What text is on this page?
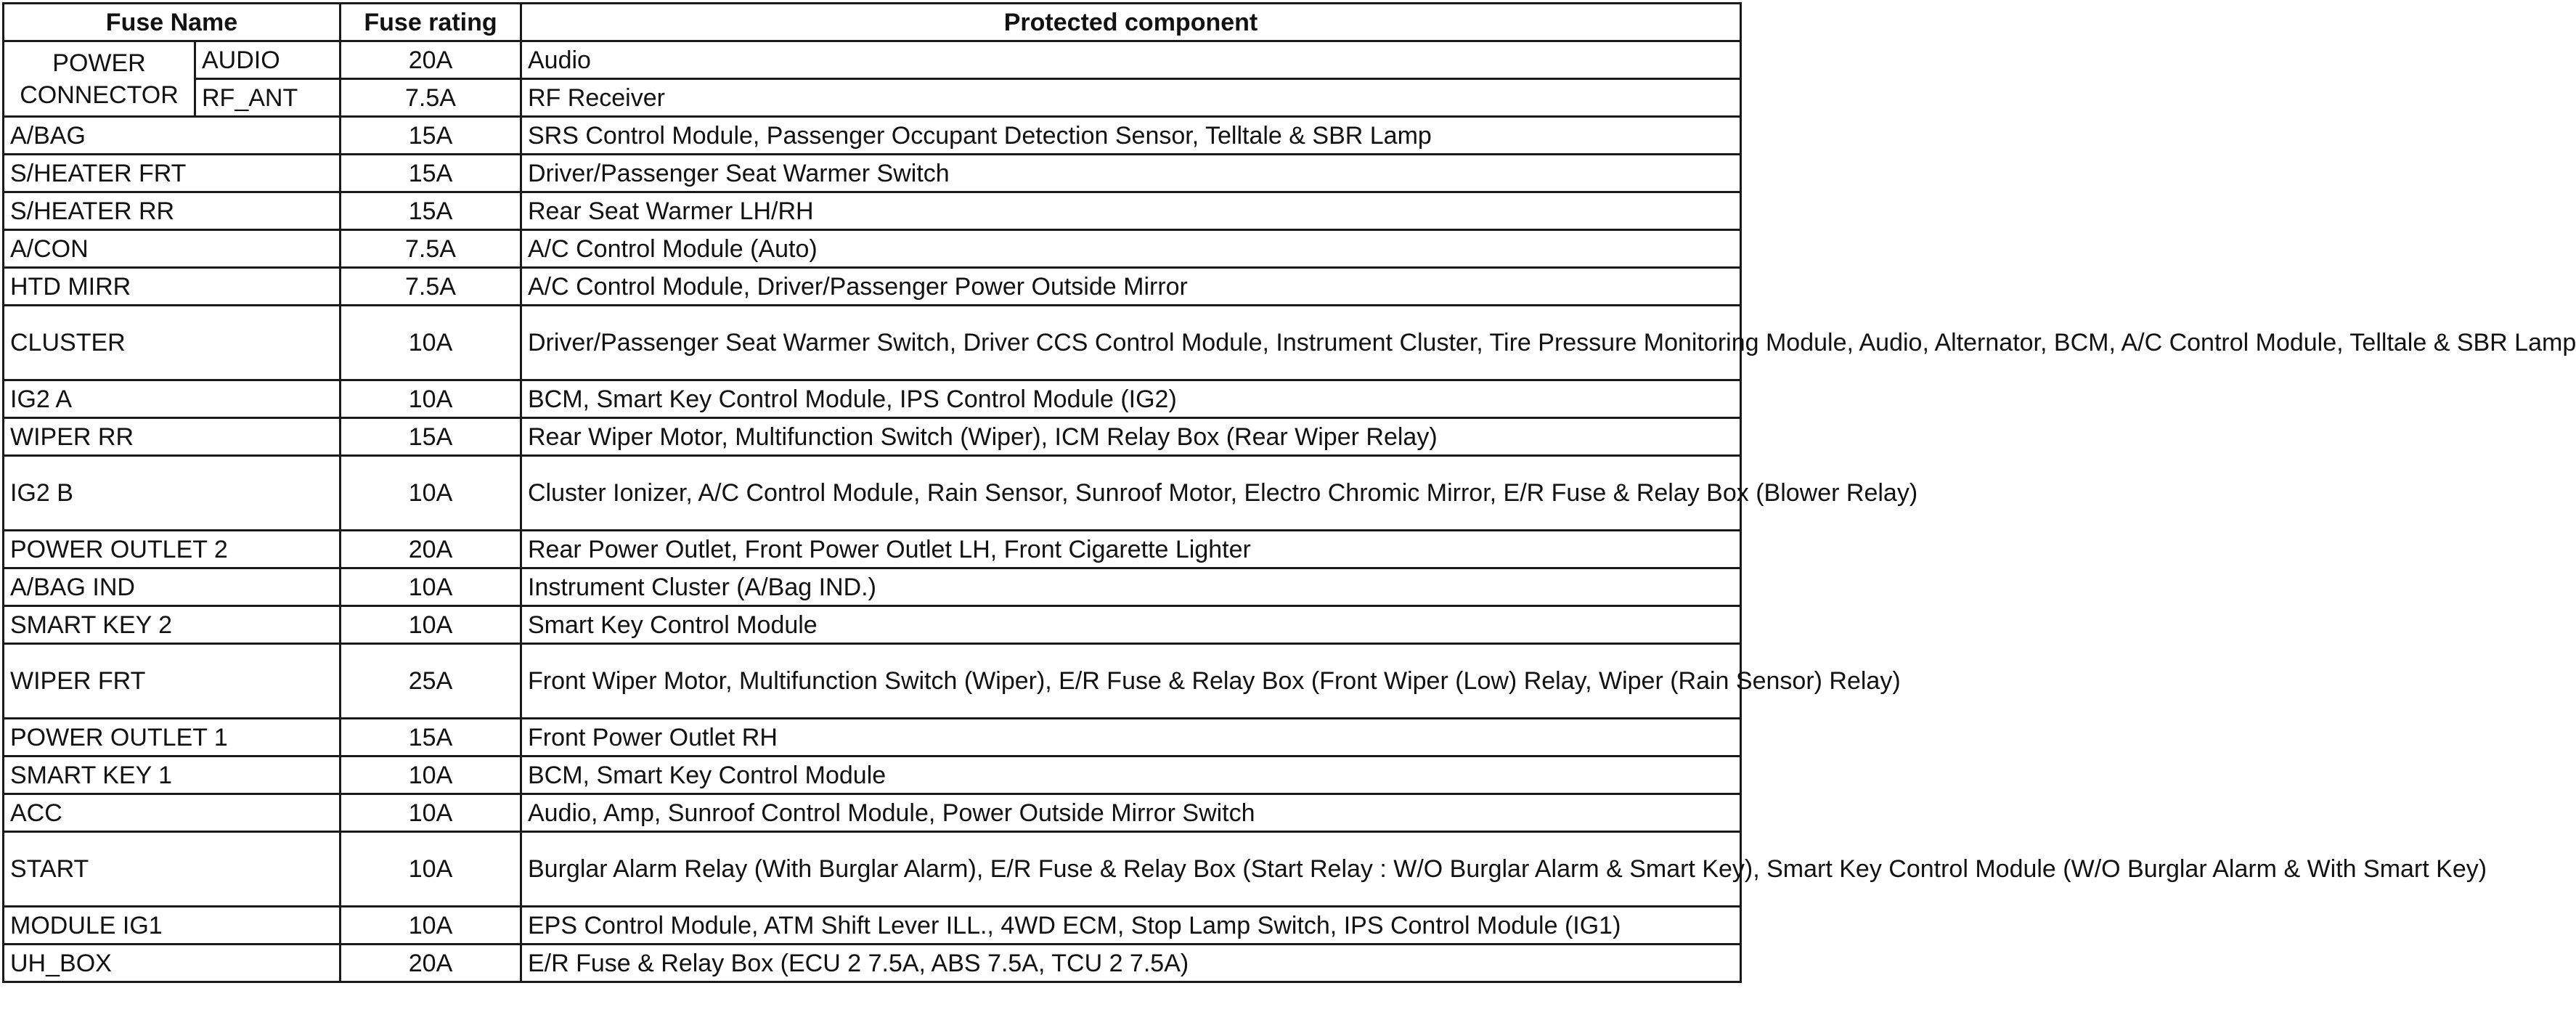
Fuse Name		Fuse rating	Protected component

POWER
CONNECTOR	AUDIO	20A	Audio
	RF_ANT	7.5A	RF Receiver
A/BAG		15A	SRS Control Module, Passenger Occupant Detection Sensor, Telltale & SBR Lamp
S/HEATER FRT		15A	Driver/Passenger Seat Warmer Switch
S/HEATER RR		15A	Rear Seat Warmer LH/RH
A/CON		7.5A	A/C Control Module (Auto)
HTD MIRR		7.5A	A/C Control Module, Driver/Passenger Power Outside Mirror
CLUSTER		10A	Driver/Passenger Seat Warmer Switch, Driver CCS Control Module, Instrument Cluster, Tire Pressure Monitoring Module, Audio, Alternator, BCM, A/C Control Module, Telltale & SBR Lamp
IG2 A		10A	BCM, Smart Key Control Module, IPS Control Module (IG2)
WIPER RR		15A	Rear Wiper Motor, Multifunction Switch (Wiper), ICM Relay Box (Rear Wiper Relay)
IG2 B		10A	Cluster Ionizer, A/C Control Module, Rain Sensor, Sunroof Motor, Electro Chromic Mirror, E/R Fuse & Relay Box (Blower Relay)
POWER OUTLET 2		20A	Rear Power Outlet, Front Power Outlet LH, Front Cigarette Lighter
A/BAG IND		10A	Instrument Cluster (A/Bag IND.)
SMART KEY 2		10A	Smart Key Control Module
WIPER FRT		25A	Front Wiper Motor, Multifunction Switch (Wiper), E/R Fuse & Relay Box (Front Wiper (Low) Relay, Wiper (Rain Sensor) Relay)
POWER OUTLET 1		15A	Front Power Outlet RH
SMART KEY 1		10A	BCM, Smart Key Control Module
ACC		10A	Audio, Amp, Sunroof Control Module, Power Outside Mirror Switch
START		10A	Burglar Alarm Relay (With Burglar Alarm), E/R Fuse & Relay Box (Start Relay : W/O Burglar Alarm & Smart Key), Smart Key Control Module (W/O Burglar Alarm & With Smart Key)
MODULE IG1		10A	EPS Control Module, ATM Shift Lever ILL., 4WD ECM, Stop Lamp Switch, IPS Control Module (IG1)
UH_BOX		20A	E/R Fuse & Relay Box (ECU 2 7.5A, ABS 7.5A, TCU 2 7.5A)
